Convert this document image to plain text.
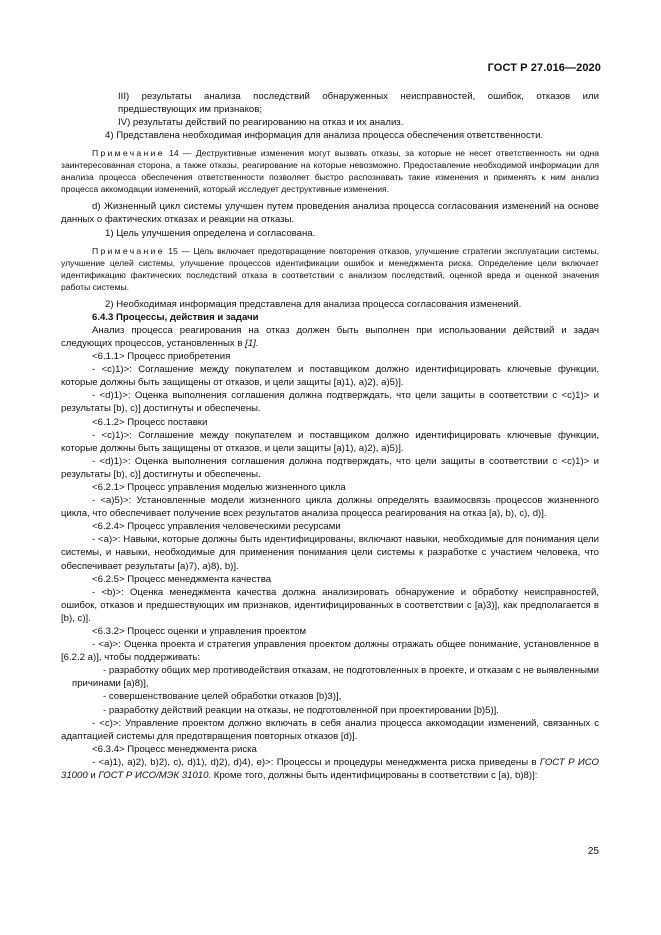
ГОСТ Р 27.016—2020

III) результаты анализа последствий обнаруженных неисправностей, ошибок, отказов или предшествующих им признаков;

IV) результаты действий по реагированию на отказ и их анализ.

4) Представлена необходимая информация для анализа процесса обеспечения ответственности.

Примечание 14 — Деструктивные изменения могут вызвать отказы, за которые не несет ответственность ни одна заинтересованная сторона, а также отказы, реагирование на которые невозможно. Предоставление необходимой информации для анализа процесса обеспечения ответственности позволяет быстро распознавать такие изменения и применять к ним анализ процесса аккомодации изменений, который исследует деструктивные изменения.

d) Жизненный цикл системы улучшен путем проведения анализа процесса согласования изменений на основе данных о фактических отказах и реакции на отказы.

1) Цель улучшения определена и согласована.

Примечание 15 — Цель включает предотвращение повторения отказов, улучшение стратегии эксплуатации системы, улучшение целей системы, улучшение процессов идентификации ошибок и менеджмента риска. Определение цели включает идентификацию фактических последствий отказа в соответствии с анализом последствий, оценкой вреда и оценкой значения работы системы.

2) Необходимая информация представлена для анализа процесса согласования изменений.

6.4.3 Процессы, действия и задачи

Анализ процесса реагирования на отказ должен быть выполнен при использовании действий и задач следующих процессов, установленных в [1].

<6.1.1> Процесс приобретения

- <c)1)>: Соглашение между покупателем и поставщиком должно идентифицировать ключевые функции, которые должны быть защищены от отказов, и цели защиты [a)1), a)2), a)5)].

- <d)1)>: Оценка выполнения соглашения должна подтверждать, что цели защиты в соответствии с <c)1)> и результаты [b), c)] достигнуты и обеспечены.

<6.1.2> Процесс поставки

- <c)1)>: Соглашение между покупателем и поставщиком должно идентифицировать ключевые функции, которые должны быть защищены от отказов, и цели защиты [a)1), a)2), a)5)].

- <d)1)>: Оценка выполнения соглашения должна подтверждать, что цели защиты в соответствии с <c)1)> и результаты [b), c)] достигнуты и обеспечены.

<6.2.1> Процесс управления моделью жизненного цикла

- <a)5)>: Установленные модели жизненного цикла должны определять взаимосвязь процессов жизненного цикла, что обеспечивает получение всех результатов анализа процесса реагирования на отказ [a), b), c), d)].

<6.2.4> Процесс управления человеческими ресурсами

- <a)>: Навыки, которые должны быть идентифицированы, включают навыки, необходимые для понимания цели системы, и навыки, необходимые для применения понимания цели системы к разработке с участием человека, что обеспечивает результаты [a)7), a)8), b)].

<6.2.5> Процесс менеджмента качества

- <b)>: Оценка менеджмента качества должна анализировать обнаружение и обработку неисправностей, ошибок, отказов и предшествующих им признаков, идентифицированных в соответствии с [a)3)], как предполагается в [b), c)].

<6.3.2> Процесс оценки и управления проектом

- <a)>: Оценка проекта и стратегия управления проектом должны отражать общее понимание, установленное в [6.2.2 a)], чтобы поддерживать:

- разработку общих мер противодействия отказам, не подготовленных в проекте, и отказам с не выявленными причинами [a)8)],

- совершенствование целей обработки отказов [b)3)],

- разработку действий реакции на отказы, не подготовленной при проектировании [b)5)].

- <c)>: Управление проектом должно включать в себя анализ процесса аккомодации изменений, связанных с адаптацией системы для предотвращения повторных отказов [d)].

<6.3.4> Процесс менеджмента риска

- <a)1), a)2), b)2), c), d)1), d)2), d)4), e)>: Процессы и процедуры менеджмента риска приведены в ГОСТ Р ИСО 31000 и ГОСТ Р ИСО/МЭК 31010. Кроме того, должны быть идентифицированы в соответствии с [a), b)8)]:

25
